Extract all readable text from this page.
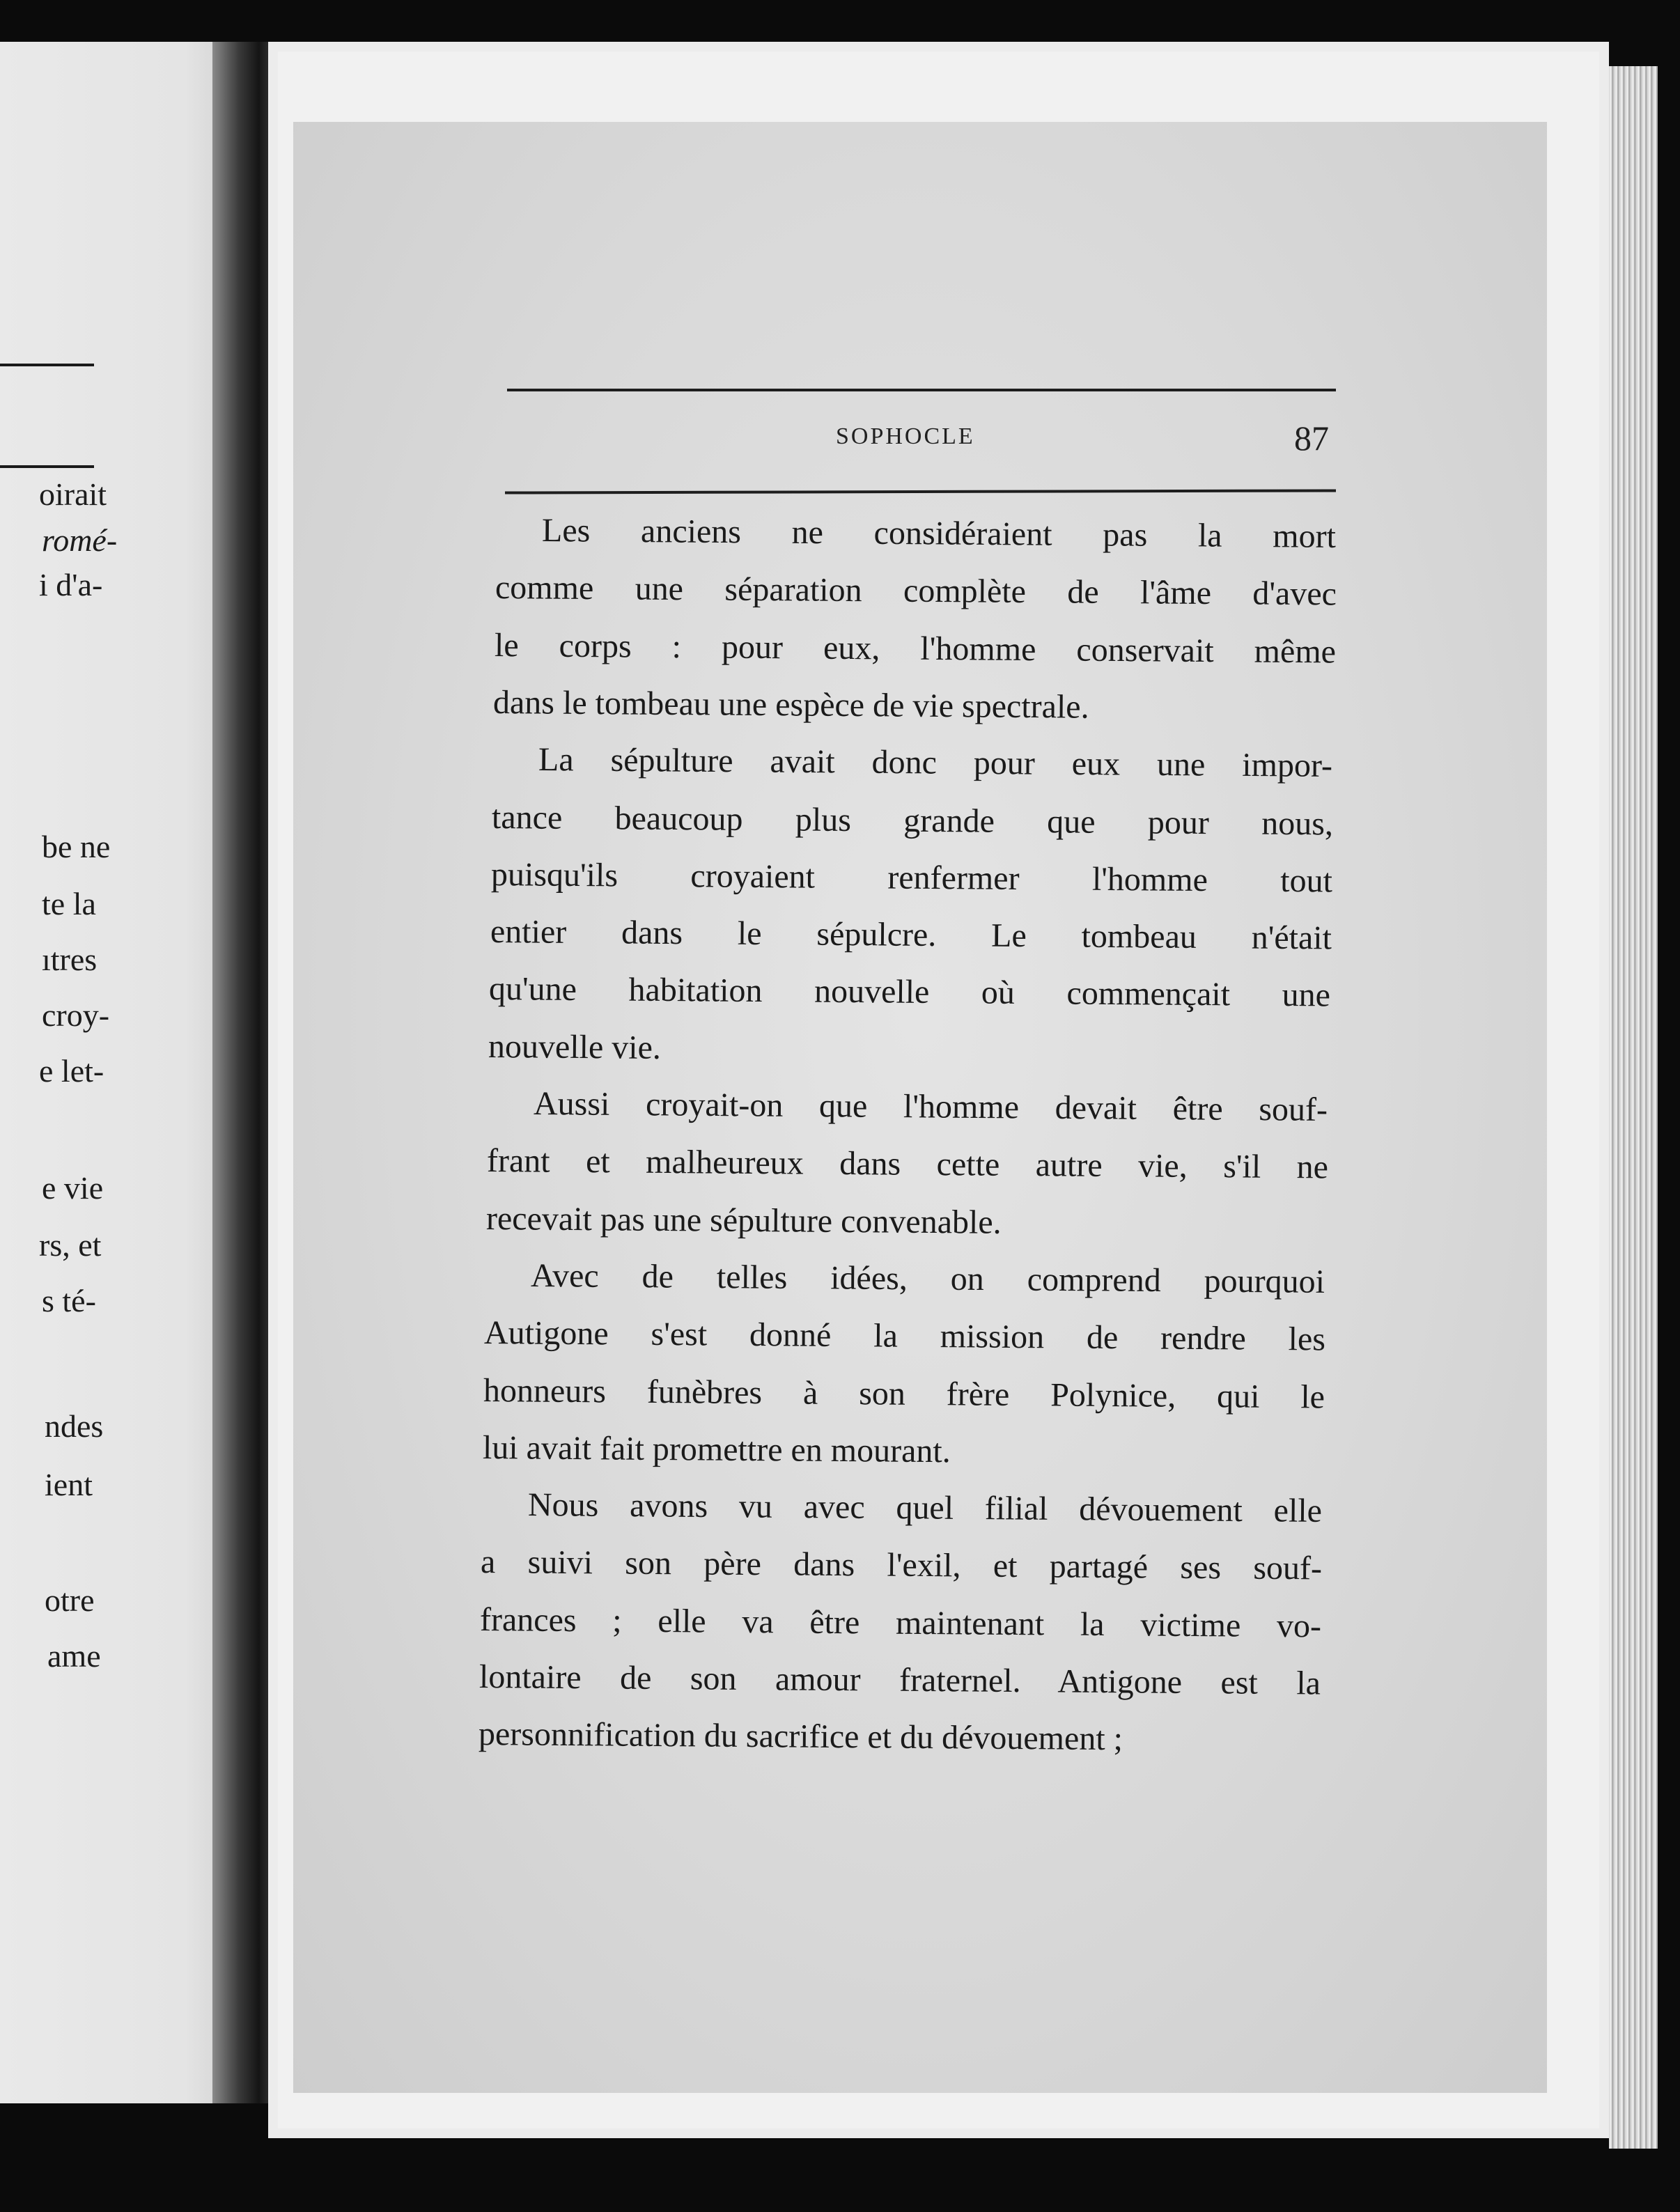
oirait
romé-
i d'a-
be ne
te la
ıtres
croy-
e let-
e vie
rs, et
s té-
ndes
ient
otre
ame
SOPHOCLE	87
Les anciens ne considéraient pas la mort
comme une séparation complète de l'âme d'avec
le corps : pour eux, l'homme conservait même
dans le tombeau une espèce de vie spectrale.
La sépulture avait donc pour eux une impor-
tance beaucoup plus grande que pour nous,
puisqu'ils croyaient renfermer l'homme tout
entier dans le sépulcre. Le tombeau n'était
qu'une habitation nouvelle où commençait une
nouvelle vie.
Aussi croyait-on que l'homme devait être souf-
frant et malheureux dans cette autre vie, s'il ne
recevait pas une sépulture convenable.
Avec de telles idées, on comprend pourquoi
Autigone s'est donné la mission de rendre les
honneurs funèbres à son frère Polynice, qui le
lui avait fait promettre en mourant.
Nous avons vu avec quel filial dévouement elle
a suivi son père dans l'exil, et partagé ses souf-
frances ; elle va être maintenant la victime vo-
lontaire de son amour fraternel. Antigone est la
personnification du sacrifice et du dévouement ;
